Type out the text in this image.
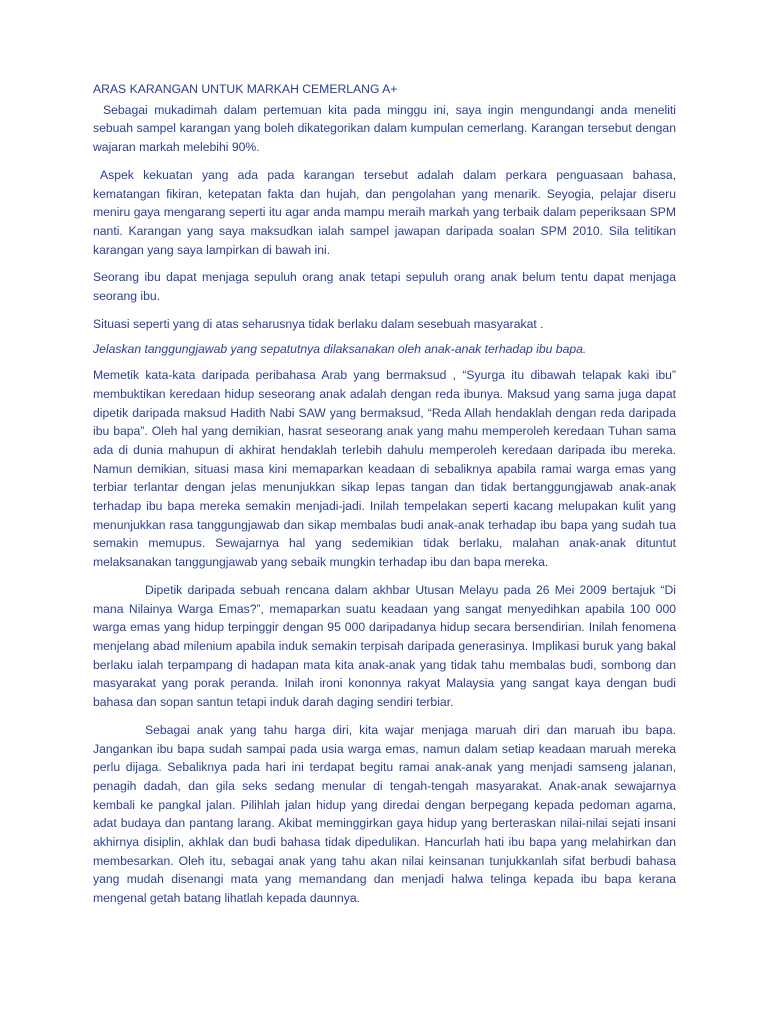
ARAS KARANGAN UNTUK MARKAH CEMERLANG A+

Sebagai mukadimah dalam pertemuan kita pada minggu ini, saya ingin mengundangi anda meneliti sebuah sampel karangan yang boleh dikategorikan dalam kumpulan cemerlang. Karangan tersebut dengan wajaran markah melebihi 90%.

Aspek kekuatan yang ada pada karangan tersebut adalah dalam perkara penguasaan bahasa, kematangan fikiran, ketepatan fakta dan hujah, dan pengolahan yang menarik. Seyogia, pelajar diseru meniru gaya mengarang seperti itu agar anda mampu meraih markah yang terbaik dalam peperiksaan SPM nanti. Karangan yang saya maksudkan ialah sampel jawapan daripada soalan SPM 2010. Sila telitikan karangan yang saya lampirkan di bawah ini.

Seorang ibu dapat menjaga sepuluh orang anak tetapi sepuluh orang anak belum tentu dapat menjaga seorang ibu.

Situasi seperti yang di atas seharusnya tidak berlaku dalam sesebuah masyarakat .

Jelaskan tanggungjawab yang sepatutnya dilaksanakan oleh anak-anak terhadap ibu bapa.

Memetik kata-kata daripada peribahasa Arab yang bermaksud , “Syurga itu dibawah telapak kaki ibu” membuktikan keredaan hidup seseorang anak adalah dengan reda ibunya. Maksud yang sama juga dapat dipetik daripada maksud Hadith Nabi SAW yang bermaksud, “Reda Allah hendaklah dengan reda daripada ibu bapa”. Oleh hal yang demikian, hasrat seseorang anak yang mahu memperoleh keredaan Tuhan sama ada di dunia mahupun di akhirat hendaklah terlebih dahulu memperoleh keredaan daripada ibu mereka. Namun demikian, situasi masa kini memaparkan keadaan di sebaliknya apabila ramai warga emas yang terbiar terlantar dengan jelas menunjukkan sikap lepas tangan dan tidak bertanggungjawab anak-anak terhadap ibu bapa mereka semakin menjadi-jadi. Inilah tempelakan seperti kacang melupakan kulit yang menunjukkan rasa tanggungjawab dan sikap membalas budi anak-anak terhadap ibu bapa yang sudah tua semakin memupus. Sewajarnya hal yang sedemikian tidak berlaku, malahan anak-anak dituntut melaksanakan tanggungjawab yang sebaik mungkin terhadap ibu dan bapa mereka.

Dipetik daripada sebuah rencana dalam akhbar Utusan Melayu pada 26 Mei 2009 bertajuk “Di mana Nilainya Warga Emas?”, memaparkan suatu keadaan yang sangat menyedihkan apabila 100 000 warga emas yang hidup terpinggir dengan 95 000 daripadanya hidup secara bersendirian. Inilah fenomena menjelang abad milenium apabila induk semakin terpisah daripada generasinya. Implikasi buruk yang bakal berlaku ialah terpampang di hadapan mata kita anak-anak yang tidak tahu membalas budi, sombong dan masyarakat yang porak peranda. Inilah ironi kononnya rakyat Malaysia yang sangat kaya dengan budi bahasa dan sopan santun tetapi induk darah daging sendiri terbiar.

Sebagai anak yang tahu harga diri, kita wajar menjaga maruah diri dan maruah ibu bapa. Jangankan ibu bapa sudah sampai pada usia warga emas, namun dalam setiap keadaan maruah mereka perlu dijaga. Sebaliknya pada hari ini terdapat begitu ramai anak-anak yang menjadi samseng jalanan, penagih dadah, dan gila seks sedang menular di tengah-tengah masyarakat. Anak-anak sewajarnya kembali ke pangkal jalan. Pilihlah jalan hidup yang diredai dengan berpegang kepada pedoman agama, adat budaya dan pantang larang. Akibat meminggirkan gaya hidup yang berteraskan nilai-nilai sejati insani akhirnya disiplin, akhlak dan budi bahasa tidak dipedulikan. Hancurlah hati ibu bapa yang melahirkan dan membesarkan. Oleh itu, sebagai anak yang tahu akan nilai keinsanan tunjukkanlah sifat berbudi bahasa yang mudah disenangi mata yang memandang dan menjadi halwa telinga kepada ibu bapa kerana mengenal getah batang lihatlah kepada daunnya.
